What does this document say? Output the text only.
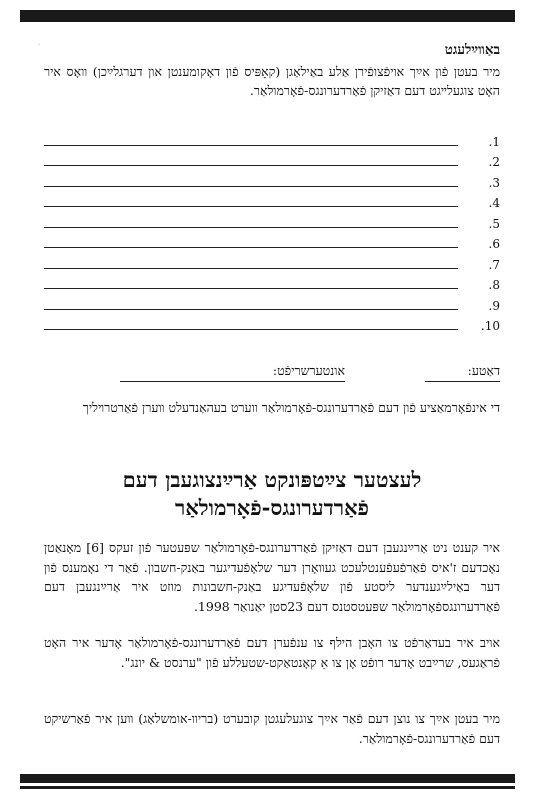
באַװײַלעגט
מיר בעטן פֿון אײַך אויפֿצופֿירן אַלע באַילאַגן (קאָפּיס פֿון דאָקומענטן און דערגלײַכן) װאָס איר האָט צוגעלײגט דעם דאַזיקן פֿאַרדערונגס-פֿאָרמולאַר.
1.
2.
3.
4.
5.
6.
7.
8.
9.
10.
דאַטע:
אונטערשריפֿט:
די אינפֿאָרמאַציע פֿון דעם פֿאַרדערונגס-פֿאָרמולאַר װערט בעהאַנדעלט װערן פֿאַרטרױליך
לעצטער צײַטפּונקט אַרײַנצוגעבן דעם פֿאַרדערונגס-פֿאָרמולאַר
איר קענט ניט אַרײַנגעבן דעם דאַזיקן פֿאַרדערונגס-פֿאָרמולאַר שפּעטער פֿון זעקס [6] מאָנאַטן נאָכדעם ז'איס פֿאַרפֿעפֿענטלעכט געװאָרן דער שלאָפֿעדיגער באַנק-חשבון. פֿאַר די נאָמענס פֿון דער באַילײַגענדער ליסטע פֿון שלאָפֿעדיגע באַנק-חשבונות מוזט איר אַרײַנגעבן דעם פֿאַרדערונגספֿאָרמולאַר שפּעטסטנס דעם 23סטן יאַנואַר 1998.
אויב איר בעדאַרפֿט צו האָבן הילף צו ענפֿערן דעם פֿאַרדערונגס-פֿאָרמולאַר אָדער איר האָט פֿראַגעס, שרײַבט אָדער רופֿט אָן צו אַ קאָנטאַקט-שטעללע פֿון "ערנסט & יונג".
מיר בעטן אײַך צו נוצן דעם פֿאַר אײַך צוגעלעגטן קובערט (בריװ-אומשלאַג) װען איר פֿאַרשיקט דעם פֿאַרדערונגס-פֿאָרמולאַר.
